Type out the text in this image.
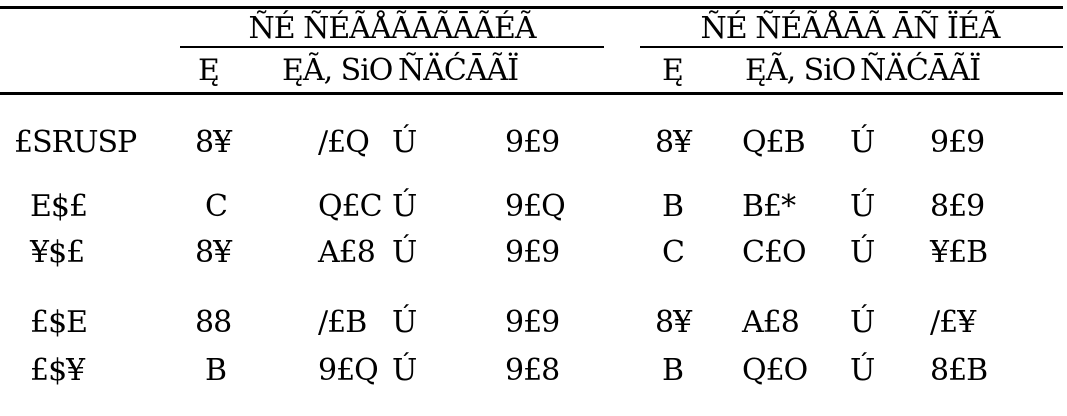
ÑÉ ÑÉÃÅÃĀÃĀÃÉÃ	ÑÉ ÑÉÃÅĀÃ ĀÑ ÏÉÃ
Ę ĘÃ, SiO ÑÄĆĀÃÏ	Ę ĘÃ, SiO ÑÄĆĀÃÏ
£SRUSP 8¥	/£Q Ú	9£9	8¥ Q£B Ú 9£9
E$£	C	Q£C Ú	9£Q	B B£* Ú 8£9
¥$£	8¥	A£8 Ú	9£9	C C£O Ú ¥£B
£$E	88	/£B Ú	9£9	8¥ A£8 Ú /£¥
£$¥	B	9£Q Ú	9£8	B Q£O Ú 8£B
